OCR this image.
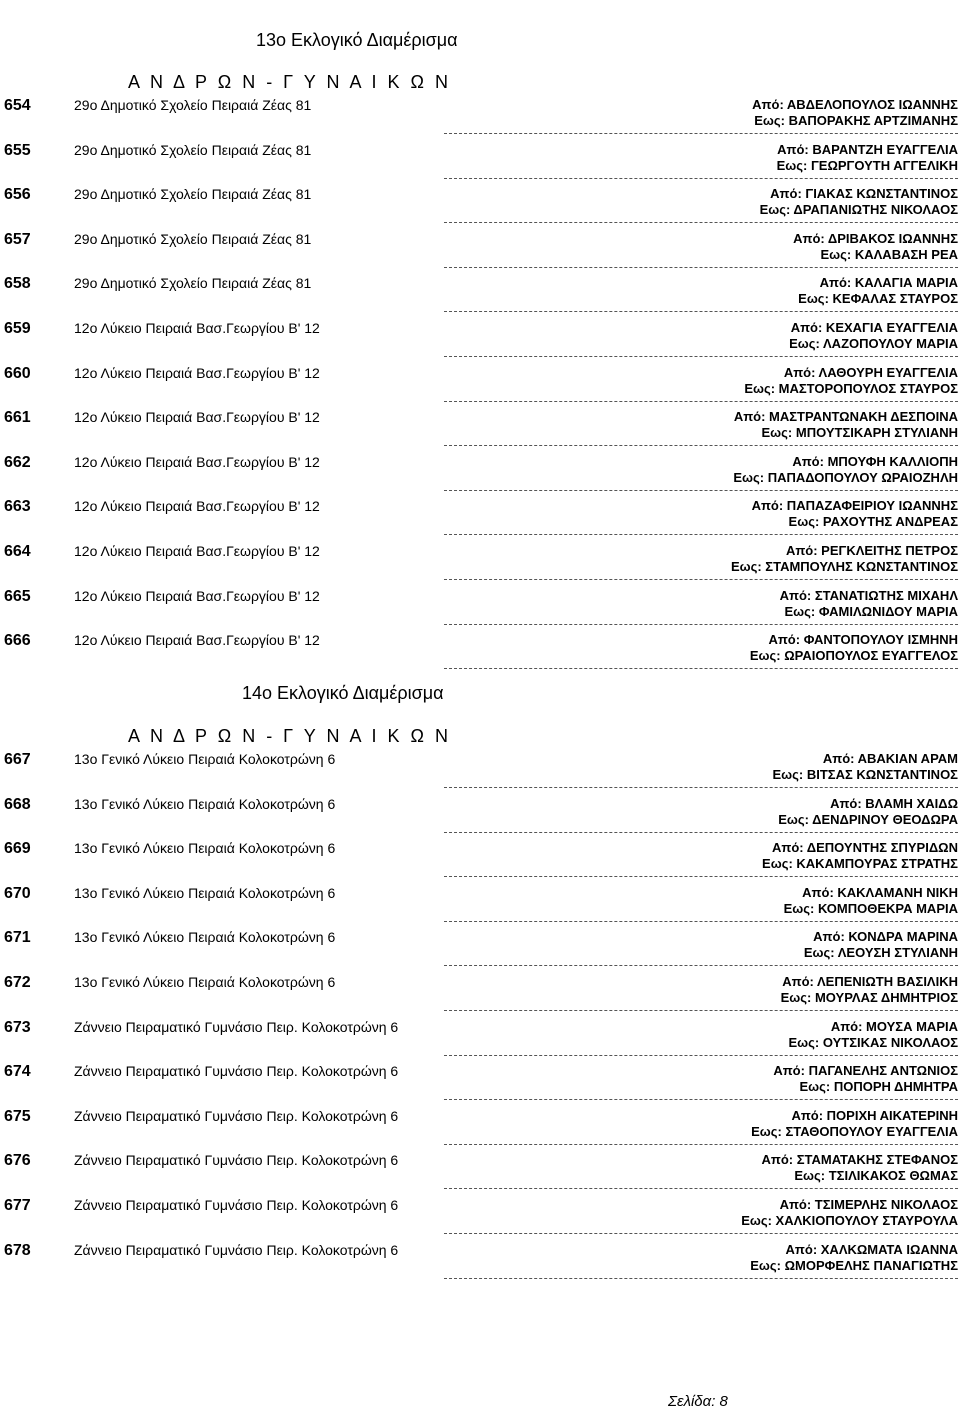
13ο Εκλογικό Διαμέρισμα
Α Ν Δ Ρ Ω Ν - Γ Υ Ν Α Ι Κ Ω Ν
654	29ο Δημοτικό Σχολείο Πειραιά Ζέας 81	Από: ΑΒΔΕΛΟΠΟΥΛΟΣ ΙΩΑΝΝΗΣ
Εως: ΒΑΠΟΡΑΚΗΣ ΑΡΤΖΙΜΑΝΗΣ
655	29ο Δημοτικό Σχολείο Πειραιά Ζέας 81	Από: ΒΑΡΑΝΤΖΗ ΕΥΑΓΓΕΛΙΑ
Εως: ΓΕΩΡΓΟΥΤΗ ΑΓΓΕΛΙΚΗ
656	29ο Δημοτικό Σχολείο Πειραιά Ζέας 81	Από: ΓΙΑΚΑΣ ΚΩΝΣΤΑΝΤΙΝΟΣ
Εως: ΔΡΑΠΑΝΙΩΤΗΣ ΝΙΚΟΛΑΟΣ
657	29ο Δημοτικό Σχολείο Πειραιά Ζέας 81	Από: ΔΡΙΒΑΚΟΣ ΙΩΑΝΝΗΣ
Εως: ΚΑΛΑΒΑΣΗ ΡΕΑ
658	29ο Δημοτικό Σχολείο Πειραιά Ζέας 81	Από: ΚΑΛΑΓΙΑ ΜΑΡΙΑ
Εως: ΚΕΦΑΛΑΣ ΣΤΑΥΡΟΣ
659	12ο Λύκειο Πειραιά Βασ.Γεωργίου Β' 12	Από: ΚΕΧΑΓΙΑ ΕΥΑΓΓΕΛΙΑ
Εως: ΛΑΖΟΠΟΥΛΟΥ ΜΑΡΙΑ
660	12ο Λύκειο Πειραιά Βασ.Γεωργίου Β' 12	Από: ΛΑΘΟΥΡΗ ΕΥΑΓΓΕΛΙΑ
Εως: ΜΑΣΤΟΡΟΠΟΥΛΟΣ ΣΤΑΥΡΟΣ
661	12ο Λύκειο Πειραιά Βασ.Γεωργίου Β' 12	Από: ΜΑΣΤΡΑΝΤΩΝΑΚΗ ΔΕΣΠΟΙΝΑ
Εως: ΜΠΟΥΤΣΙΚΑΡΗ ΣΤΥΛΙΑΝΗ
662	12ο Λύκειο Πειραιά Βασ.Γεωργίου Β' 12	Από: ΜΠΟΥΦΗ ΚΑΛΛΙΟΠΗ
Εως: ΠΑΠΑΔΟΠΟΥΛΟΥ ΩΡΑΙΟΖΗΛΗ
663	12ο Λύκειο Πειραιά Βασ.Γεωργίου Β' 12	Από: ΠΑΠΑΖΑΦΕΙΡΙΟΥ ΙΩΑΝΝΗΣ
Εως: ΡΑΧΟΥΤΗΣ ΑΝΔΡΕΑΣ
664	12ο Λύκειο Πειραιά Βασ.Γεωργίου Β' 12	Από: ΡΕΓΚΛΕΙΤΗΣ ΠΕΤΡΟΣ
Εως: ΣΤΑΜΠΟΥΛΗΣ ΚΩΝΣΤΑΝΤΙΝΟΣ
665	12ο Λύκειο Πειραιά Βασ.Γεωργίου Β' 12	Από: ΣΤΑΝΑΤΙΩΤΗΣ ΜΙΧΑΗΛ
Εως: ΦΑΜΙΛΩΝΙΔΟΥ ΜΑΡΙΑ
666	12ο Λύκειο Πειραιά Βασ.Γεωργίου Β' 12	Από: ΦΑΝΤΟΠΟΥΛΟΥ ΙΣΜΗΝΗ
Εως: ΩΡΑΙΟΠΟΥΛΟΣ ΕΥΑΓΓΕΛΟΣ
14ο Εκλογικό Διαμέρισμα
Α Ν Δ Ρ Ω Ν - Γ Υ Ν Α Ι Κ Ω Ν
667	13ο Γενικό Λύκειο Πειραιά Κολοκοτρώνη 6	Από: ΑΒΑΚΙΑΝ ΑΡΑΜ
Εως: ΒΙΤΣΑΣ ΚΩΝΣΤΑΝΤΙΝΟΣ
668	13ο Γενικό Λύκειο Πειραιά Κολοκοτρώνη 6	Από: ΒΛΑΜΗ ΧΑΙΔΩ
Εως: ΔΕΝΔΡΙΝΟΥ ΘΕΟΔΩΡΑ
669	13ο Γενικό Λύκειο Πειραιά Κολοκοτρώνη 6	Από: ΔΕΠΟΥΝΤΗΣ ΣΠΥΡΙΔΩΝ
Εως: ΚΑΚΑΜΠΟΥΡΑΣ ΣΤΡΑΤΗΣ
670	13ο Γενικό Λύκειο Πειραιά Κολοκοτρώνη 6	Από: ΚΑΚΛΑΜΑΝΗ ΝΙΚΗ
Εως: ΚΟΜΠΟΘΕΚΡΑ ΜΑΡΙΑ
671	13ο Γενικό Λύκειο Πειραιά Κολοκοτρώνη 6	Από: ΚΟΝΔΡΑ ΜΑΡΙΝΑ
Εως: ΛΕΟΥΣΗ ΣΤΥΛΙΑΝΗ
672	13ο Γενικό Λύκειο Πειραιά Κολοκοτρώνη 6	Από: ΛΕΠΕΝΙΩΤΗ ΒΑΣΙΛΙΚΗ
Εως: ΜΟΥΡΛΑΣ ΔΗΜΗΤΡΙΟΣ
673	Ζάννειο Πειραματικό Γυμνάσιο Πειρ. Κολοκοτρώνη 6	Από: ΜΟΥΣΑ ΜΑΡΙΑ
Εως: ΟΥΤΣΙΚΑΣ ΝΙΚΟΛΑΟΣ
674	Ζάννειο Πειραματικό Γυμνάσιο Πειρ. Κολοκοτρώνη 6	Από: ΠΑΓΑΝΕΛΗΣ ΑΝΤΩΝΙΟΣ
Εως: ΠΟΠΟΡΗ ΔΗΜΗΤΡΑ
675	Ζάννειο Πειραματικό Γυμνάσιο Πειρ. Κολοκοτρώνη 6	Από: ΠΟΡΙΧΗ ΑΙΚΑΤΕΡΙΝΗ
Εως: ΣΤΑΘΟΠΟΥΛΟΥ ΕΥΑΓΓΕΛΙΑ
676	Ζάννειο Πειραματικό Γυμνάσιο Πειρ. Κολοκοτρώνη 6	Από: ΣΤΑΜΑΤΑΚΗΣ ΣΤΕΦΑΝΟΣ
Εως: ΤΣΙΛΙΚΑΚΟΣ ΘΩΜΑΣ
677	Ζάννειο Πειραματικό Γυμνάσιο Πειρ. Κολοκοτρώνη 6	Από: ΤΣΙΜΕΡΛΗΣ ΝΙΚΟΛΑΟΣ
Εως: ΧΑΛΚΙΟΠΟΥΛΟΥ ΣΤΑΥΡΟΥΛΑ
678	Ζάννειο Πειραματικό Γυμνάσιο Πειρ. Κολοκοτρώνη 6	Από: ΧΑΛΚΩΜΑΤΑ ΙΩΑΝΝΑ
Εως: ΩΜΟΡΦΕΛΗΣ ΠΑΝΑΓΙΩΤΗΣ
Σελίδα: 8
